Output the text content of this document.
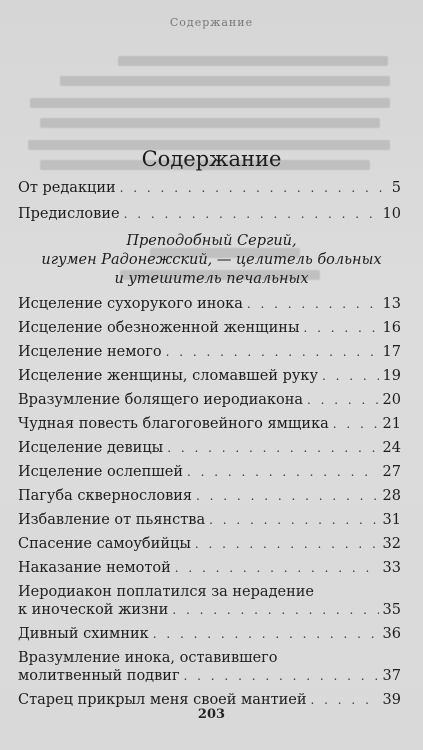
Содержание
Содержание
От редакции . . .	5
Предисловие . . .	10
Преподобный Сергий,
игумен Радонежский, — целитель больных
и утешитель печальных
Исцеление сухорукого инока . . .	13
Исцеление обезноженной женщины . . .	16
Исцеление немого . . .	17
Исцеление женщины, сломавшей руку . . .	19
Вразумление болящего иеродиакона . . .	20
Чудная повесть благоговейного ямщика . . .	21
Исцеление девицы . . .	24
Исцеление ослепшей . . .	27
Пагуба сквернословия . . .	28
Избавление от пьянства . . .	31
Спасение самоубийцы . . .	32
Наказание немотой . . .	33
Иеродиакон поплатился за нерадение
к иноческой жизни . . .	35
Дивный схимник . . .	36
Вразумление инока, оставившего
молитвенный подвиг . . .	37
Старец прикрыл меня своей мантией . . .	39
203
